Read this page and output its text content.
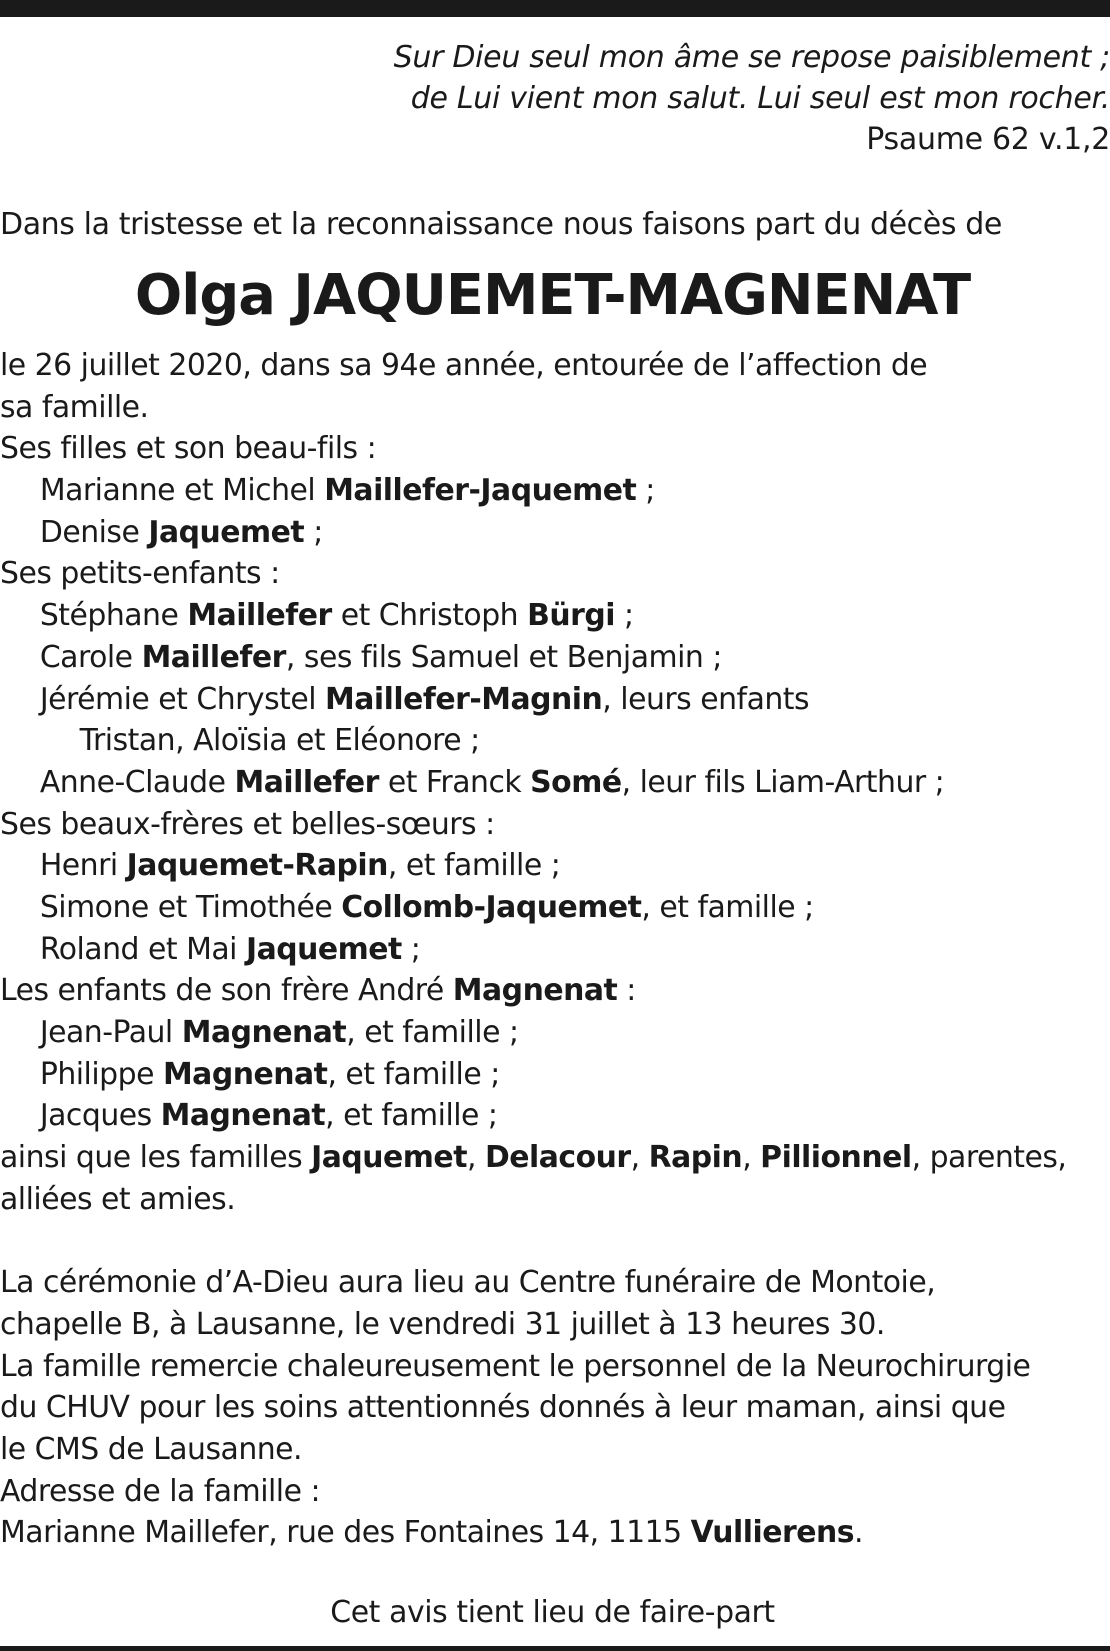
Sur Dieu seul mon âme se repose paisiblement ;
de Lui vient mon salut. Lui seul est mon rocher.
Psaume 62 v.1,2
Dans la tristesse et la reconnaissance nous faisons part du décès de
Olga JAQUEMET-MAGNENAT
le 26 juillet 2020, dans sa 94e année, entourée de l’affection de
sa famille.
Ses filles et son beau-fils :
Marianne et Michel Maillefer-Jaquemet ;
Denise Jaquemet ;
Ses petits-enfants :
Stéphane Maillefer et Christoph Bürgi ;
Carole Maillefer, ses fils Samuel et Benjamin ;
Jérémie et Chrystel Maillefer-Magnin, leurs enfants
Tristan, Aloïsia et Eléonore ;
Anne-Claude Maillefer et Franck Somé, leur fils Liam-Arthur ;
Ses beaux-frères et belles-sœurs :
Henri Jaquemet-Rapin, et famille ;
Simone et Timothée Collomb-Jaquemet, et famille ;
Roland et Mai Jaquemet ;
Les enfants de son frère André Magnenat :
Jean-Paul Magnenat, et famille ;
Philippe Magnenat, et famille ;
Jacques Magnenat, et famille ;
ainsi que les familles Jaquemet, Delacour, Rapin, Pillionnel, parentes,
alliées et amies.
La cérémonie d’A-Dieu aura lieu au Centre funéraire de Montoie,
chapelle B, à Lausanne, le vendredi 31 juillet à 13 heures 30.
La famille remercie chaleureusement le personnel de la Neurochirurgie
du CHUV pour les soins attentionnés donnés à leur maman, ainsi que
le CMS de Lausanne.
Adresse de la famille :
Marianne Maillefer, rue des Fontaines 14, 1115 Vullierens.
Cet avis tient lieu de faire-part
